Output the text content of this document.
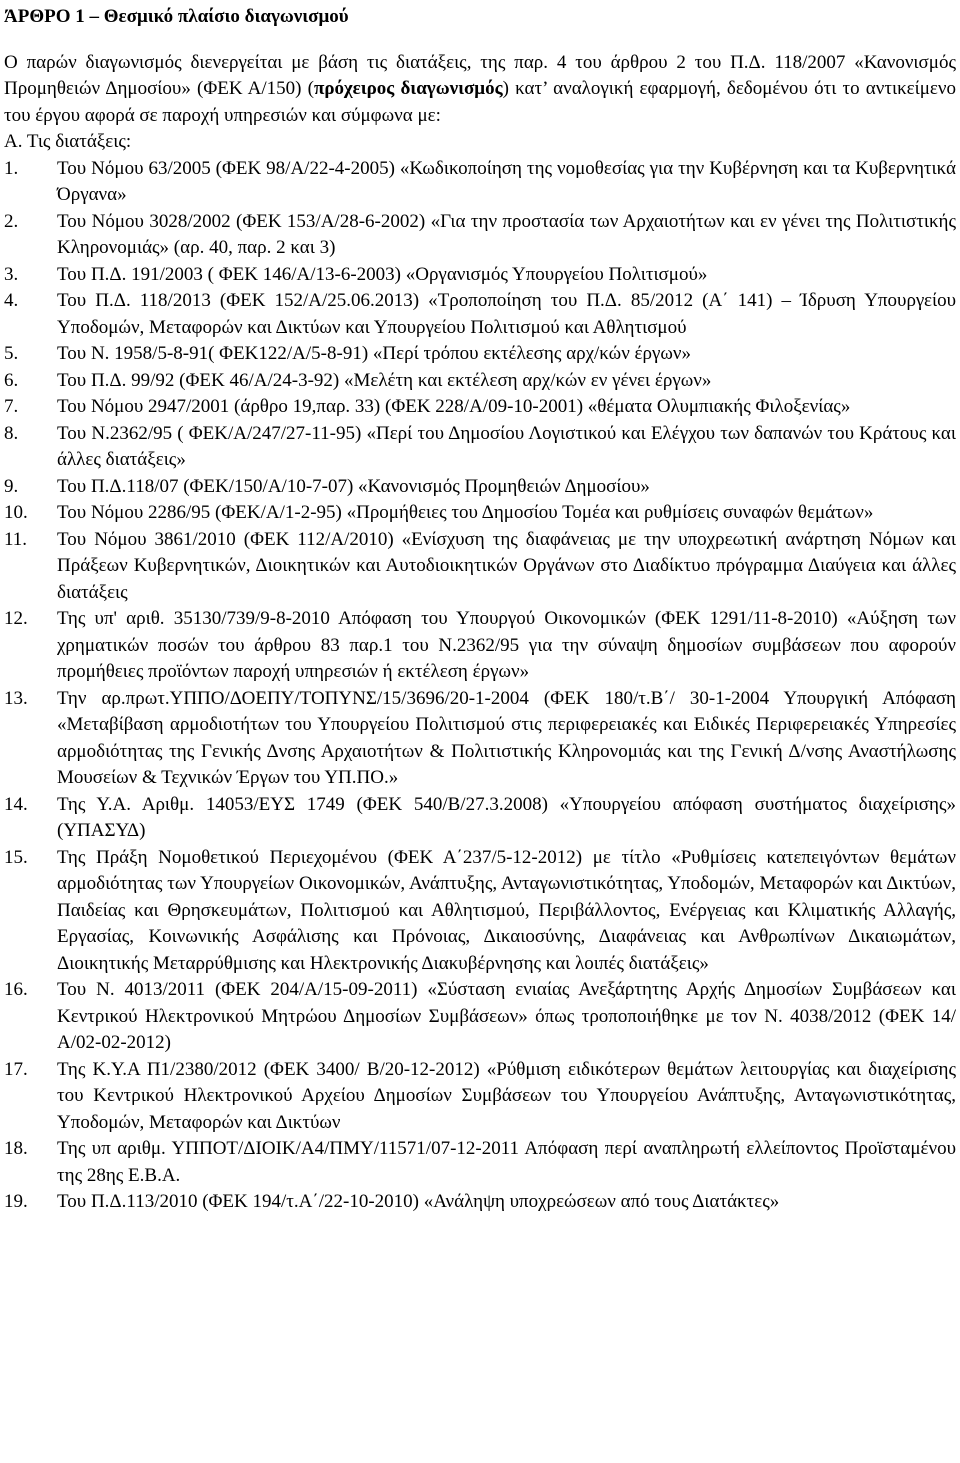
ΆΡΘΡΟ 1 – Θεσμικό πλαίσιο διαγωνισμού

Ο παρών διαγωνισμός διενεργείται με βάση τις διατάξεις, της παρ. 4 του άρθρου 2 του Π.Δ. 118/2007 «Κανονισμός Προμηθειών Δημοσίου» (ΦΕΚ Α/150) (πρόχειρος διαγωνισμός) κατ’ αναλογική εφαρμογή, δεδομένου ότι το αντικείμενο του έργου αφορά σε παροχή υπηρεσιών και σύμφωνα με:

Α. Τις διατάξεις:

1. Του Νόμου 63/2005 (ΦΕΚ 98/Α/22-4-2005) «Κωδικοποίηση της νομοθεσίας για την Κυβέρνηση και τα Κυβερνητικά Όργανα»
2. Του Νόμου 3028/2002 (ΦΕΚ 153/Α/28-6-2002) «Για την προστασία των Αρχαιοτήτων και εν γένει της Πολιτιστικής Κληρονομιάς» (αρ. 40, παρ. 2 και 3)
3. Του Π.Δ. 191/2003 ( ΦΕΚ 146/Α/13-6-2003) «Οργανισμός Υπουργείου Πολιτισμού»
4. Του Π.Δ. 118/2013 (ΦΕΚ 152/Α/25.06.2013) «Τροποποίηση του Π.Δ. 85/2012 (Α΄ 141) – Ίδρυση Υπουργείου Υποδομών, Μεταφορών και Δικτύων και Υπουργείου Πολιτισμού και Αθλητισμού
5. Του Ν. 1958/5-8-91( ΦΕΚ122/Α/5-8-91) «Περί τρόπου εκτέλεσης αρχ/κών έργων»
6. Του Π.Δ. 99/92 (ΦΕΚ 46/Α/24-3-92) «Μελέτη και εκτέλεση αρχ/κών εν γένει έργων»
7. Του Νόμου 2947/2001 (άρθρο 19,παρ. 33) (ΦΕΚ 228/Α/09-10-2001) «θέματα Ολυμπιακής Φιλοξενίας»
8. Του Ν.2362/95 ( ΦΕΚ/Α/247/27-11-95) «Περί του Δημοσίου Λογιστικού και Ελέγχου των δαπανών του Κράτους και άλλες διατάξεις»
9. Του Π.Δ.118/07 (ΦΕΚ/150/Α/10-7-07) «Κανονισμός Προμηθειών Δημοσίου»
10. Του Νόμου 2286/95 (ΦΕΚ/Α/1-2-95) «Προμήθειες του Δημοσίου Τομέα και ρυθμίσεις συναφών θεμάτων»
11. Του Νόμου 3861/2010 (ΦΕΚ 112/Α/2010) «Ενίσχυση της διαφάνειας με την υποχρεωτική ανάρτηση Νόμων και Πράξεων Κυβερνητικών, Διοικητικών και Αυτοδιοικητικών Οργάνων στο Διαδίκτυο πρόγραμμα Διαύγεια και άλλες διατάξεις
12. Της υπ' αριθ. 35130/739/9-8-2010 Απόφαση του Υπουργού Οικονομικών (ΦΕΚ 1291/11-8-2010) «Αύξηση των χρηματικών ποσών του άρθρου 83 παρ.1 του Ν.2362/95 για την σύναψη δημοσίων συμβάσεων που αφορούν προμήθειες προϊόντων παροχή υπηρεσιών ή εκτέλεση έργων»
13. Την αρ.πρωτ.ΥΠΠΟ/ΔΟΕΠΥ/ΤΟΠΥΝΣ/15/3696/20-1-2004 (ΦΕΚ 180/τ.Β΄/ 30-1-2004 Υπουργική Απόφαση «Μεταβίβαση αρμοδιοτήτων του Υπουργείου Πολιτισμού στις περιφερειακές και Ειδικές Περιφερειακές Υπηρεσίες αρμοδιότητας της Γενικής Δνσης Αρχαιοτήτων & Πολιτιστικής Κληρονομιάς και της Γενική Δ/νσης Αναστήλωσης Μουσείων & Τεχνικών Έργων του ΥΠ.ΠΟ.»
14. Της Υ.Α. Αριθμ. 14053/ΕΥΣ 1749 (ΦΕΚ 540/Β/27.3.2008) «Υπουργείου απόφαση συστήματος διαχείρισης» (ΥΠΑΣΥΔ)
15. Της Πράξη Νομοθετικού Περιεχομένου (ΦΕΚ Α΄237/5-12-2012) με τίτλο «Ρυθμίσεις κατεπειγόντων θεμάτων αρμοδιότητας των Υπουργείων Οικονομικών, Ανάπτυξης, Ανταγωνιστικότητας, Υποδομών, Μεταφορών και Δικτύων, Παιδείας και Θρησκευμάτων, Πολιτισμού και Αθλητισμού, Περιβάλλοντος, Ενέργειας και Κλιματικής Αλλαγής, Εργασίας, Κοινωνικής Ασφάλισης και Πρόνοιας, Δικαιοσύνης, Διαφάνειας και Ανθρωπίνων Δικαιωμάτων, Διοικητικής Μεταρρύθμισης και Ηλεκτρονικής Διακυβέρνησης και λοιπές διατάξεις»
16. Του Ν. 4013/2011 (ΦΕΚ 204/Α/15-09-2011) «Σύσταση ενιαίας Ανεξάρτητης Αρχής Δημοσίων Συμβάσεων και Κεντρικού Ηλεκτρονικού Μητρώου Δημοσίων Συμβάσεων» όπως τροποποιήθηκε με τον Ν. 4038/2012 (ΦΕΚ 14/Α/02-02-2012)
17. Της Κ.Υ.Α Π1/2380/2012 (ΦΕΚ 3400/ Β/20-12-2012) «Ρύθμιση ειδικότερων θεμάτων λειτουργίας και διαχείρισης του Κεντρικού Ηλεκτρονικού Αρχείου Δημοσίων Συμβάσεων του Υπουργείου Ανάπτυξης, Ανταγωνιστικότητας, Υποδομών, Μεταφορών και Δικτύων
18. Της υπ αριθμ. ΥΠΠΟΤ/ΔΙΟΙΚ/Α4/ΠΜΥ/11571/07-12-2011 Απόφαση περί αναπληρωτή ελλείποντος Προϊσταμένου της 28ης Ε.Β.Α.
19. Του Π.Δ.113/2010 (ΦΕΚ 194/τ.Α΄/22-10-2010) «Ανάληψη υποχρεώσεων από τους Διατάκτες»
